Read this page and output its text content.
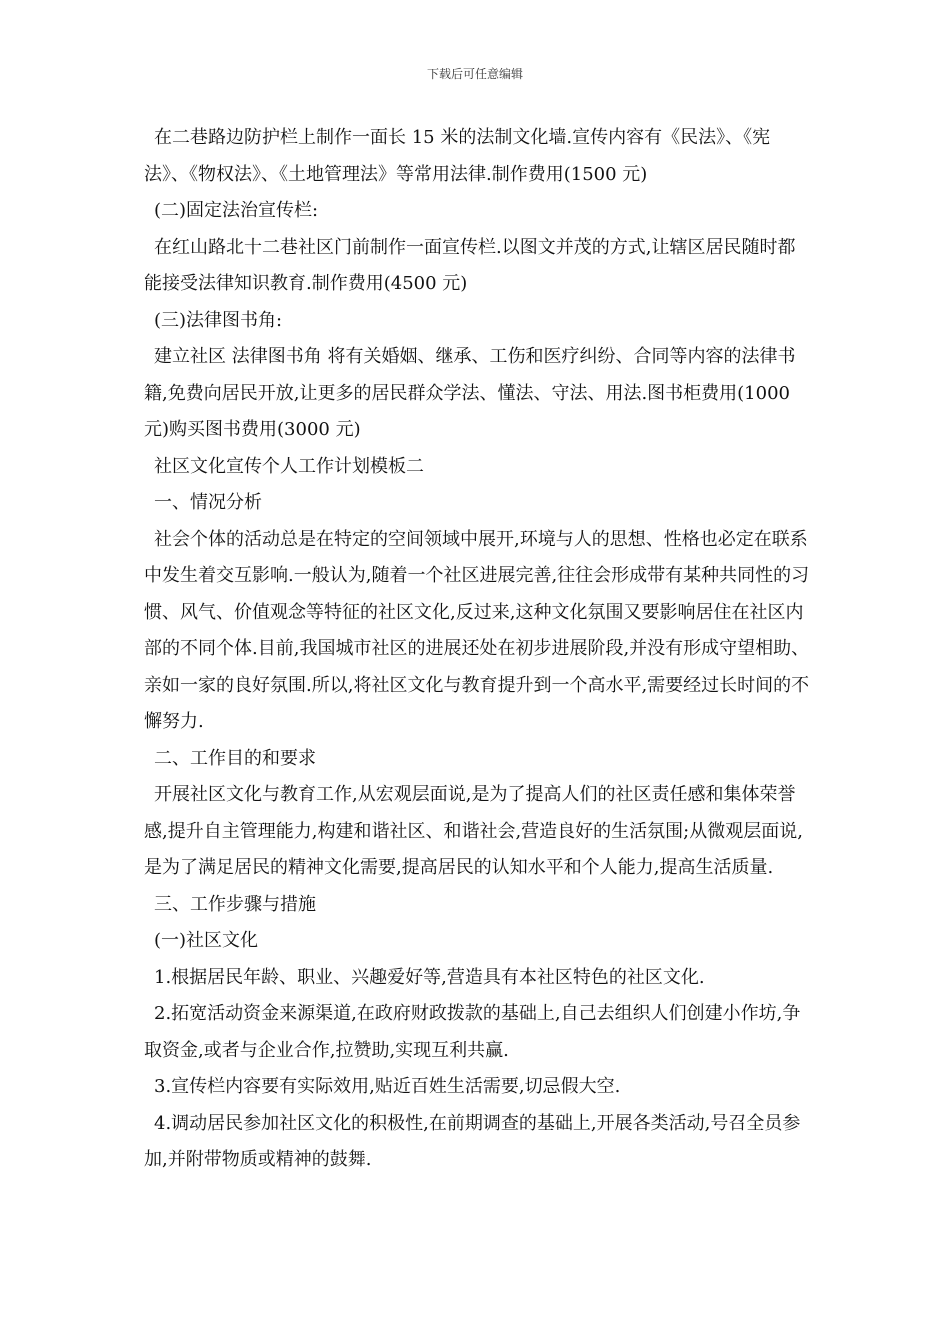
下载后可任意编辑

在二巷路边防护栏上制作一面长 15 米的法制文化墙.宣传内容有《民法》、《宪法》、《物权法》、《土地管理法》等常用法律.制作费用(1500 元)

(二)固定法治宣传栏:

在红山路北十二巷社区门前制作一面宣传栏.以图文并茂的方式,让辖区居民随时都能接受法律知识教育.制作费用(4500 元)

(三)法律图书角:

建立社区 法律图书角 将有关婚姻、继承、工伤和医疗纠纷、合同等内容的法律书籍,免费向居民开放,让更多的居民群众学法、懂法、守法、用法.图书柜费用(1000 元)购买图书费用(3000 元)

社区文化宣传个人工作计划模板二

一、情况分析

社会个体的活动总是在特定的空间领域中展开,环境与人的思想、性格也必定在联系中发生着交互影响.一般认为,随着一个社区进展完善,往往会形成带有某种共同性的习惯、风气、价值观念等特征的社区文化,反过来,这种文化氛围又要影响居住在社区内部的不同个体.目前,我国城市社区的进展还处在初步进展阶段,并没有形成守望相助、亲如一家的良好氛围.所以,将社区文化与教育提升到一个高水平,需要经过长时间的不懈努力.

二、工作目的和要求

开展社区文化与教育工作,从宏观层面说,是为了提高人们的社区责任感和集体荣誉感,提升自主管理能力,构建和谐社区、和谐社会,营造良好的生活氛围;从微观层面说,是为了满足居民的精神文化需要,提高居民的认知水平和个人能力,提高生活质量.

三、工作步骤与措施

(一)社区文化

1.根据居民年龄、职业、兴趣爱好等,营造具有本社区特色的社区文化.

2.拓宽活动资金来源渠道,在政府财政拨款的基础上,自己去组织人们创建小作坊,争取资金,或者与企业合作,拉赞助,实现互利共赢.

3.宣传栏内容要有实际效用,贴近百姓生活需要,切忌假大空.

4.调动居民参加社区文化的积极性,在前期调查的基础上,开展各类活动,号召全员参加,并附带物质或精神的鼓舞.
